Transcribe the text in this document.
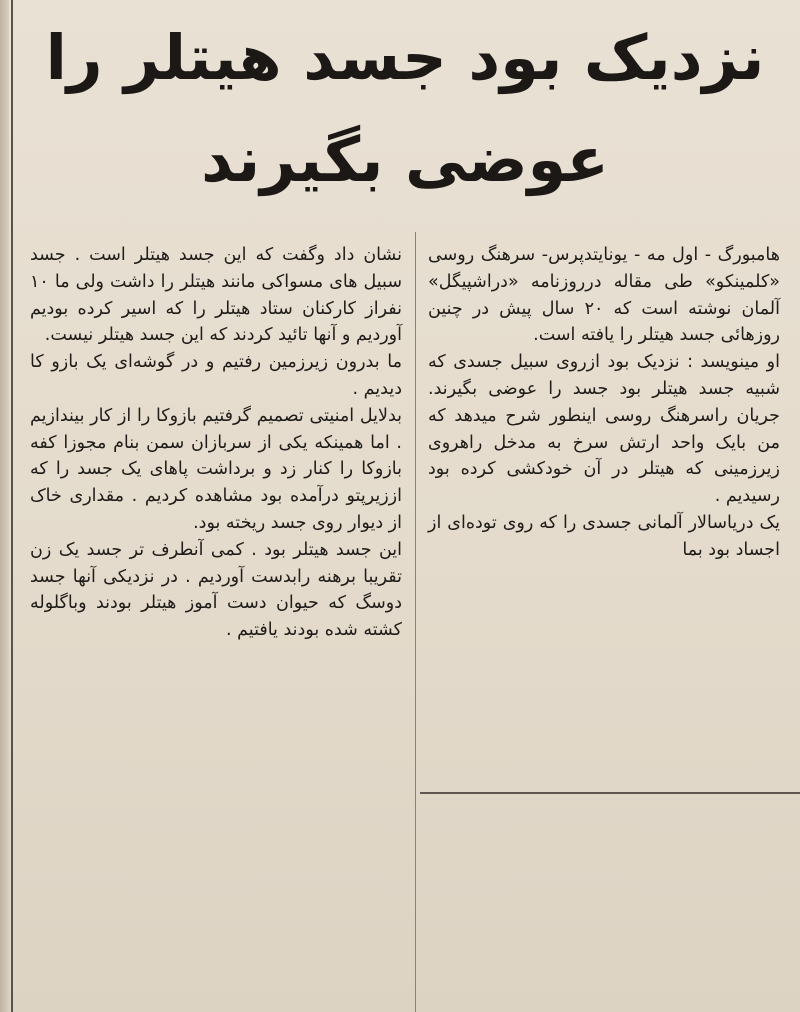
نزدیک بود جسد هیتلر را
عوضی بگیرند

هامبورگ - اول مه - یونایتدپرس- سرهنگ روسی «کلمینکو» طی مقاله درروزنامه «دراشپیگل» آلمان نوشته است که ۲۰ سال پیش در چنین روزهائی جسد هیتلر را یافته است.

او مینویسد : نزدیک بود ازروی سبیل جسدی که شبیه جسد هیتلر بود جسد را عوضی بگیرند. جریان راسرهنگ روسی اینطور شرح میدهد که من بایک واحد ارتش سرخ به مدخل راهروی زیرزمینی که هیتلر در آن خودکشی کرده بود رسیدیم .

یک دریاسالار آلمانی جسدی را که روی توده‌ای از اجساد بود بما

نشان داد وگفت که این جسد هیتلر است . جسد سبیل های مسواکی مانند هیتلر را داشت ولی ما ۱۰ نفراز کارکنان ستاد هیتلر را که اسیر کرده بودیم آوردیم و آنها تائید کردند که این جسد هیتلر نیست.

ما بدرون زیرزمین رفتیم و در گوشه‌ای یک بازو کا دیدیم .

بدلایل امنیتی تصمیم گرفتیم بازوکا را از کار بیندازیم . اما همینکه یکی از سربازان سمن بنام مجوزا کفه بازوکا را کنار زد و برداشت پاهای یک جسد را که اززیرپتو درآمده بود مشاهده کردیم . مقداری خاک از دیوار روی جسد ریخته بود.

این جسد هیتلر بود . کمی آنطرف تر جسد یک زن تقریبا برهنه رابدست آوردیم . در نزدیکی آنها جسد دوسگ که حیوان دست آموز هیتلر بودند وباگلوله کشته شده بودند یافتیم .
